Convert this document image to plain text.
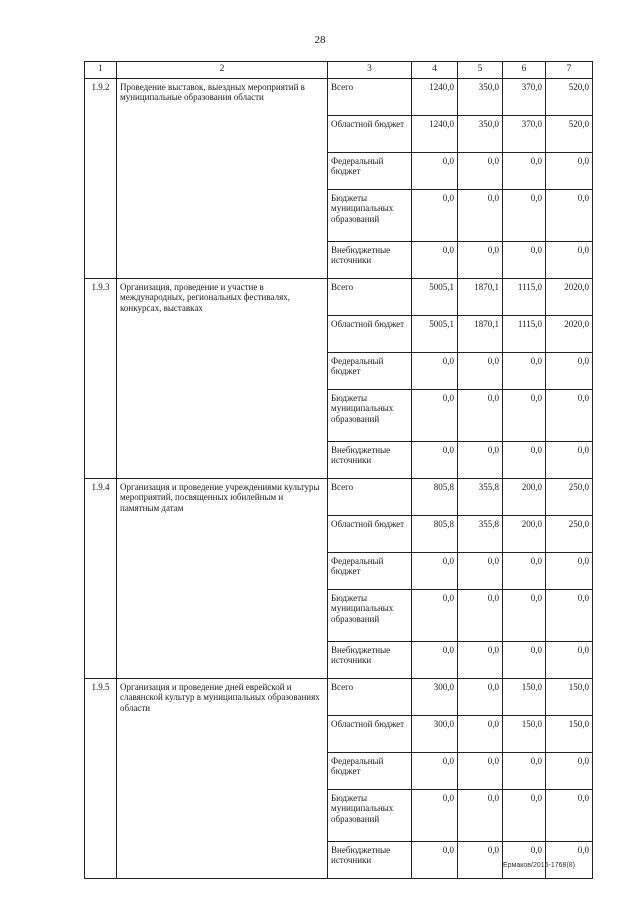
28
1	2	3	4	5	6	7
1.9.2	Проведение выставок, выездных мероприятий в муниципальные образования области	Всего	1240,0	350,0	370,0	520,0
		Областной бюджет	1240,0	350,0	370,0	520,0
		Федеральный бюджет	0,0	0,0	0,0	0,0
		Бюджеты муниципальных образований	0,0	0,0	0,0	0,0
		Внебюджетные источники	0,0	0,0	0,0	0,0
1.9.3	Организация, проведение и участие в международных, региональных фестивалях, конкурсах, выставках	Всего	5005,1	1870,1	1115,0	2020,0
		Областной бюджет	5005,1	1870,1	1115,0	2020,0
		Федеральный бюджет	0,0	0,0	0,0	0,0
		Бюджеты муниципальных образований	0,0	0,0	0,0	0,0
		Внебюджетные источники	0,0	0,0	0,0	0,0
1.9.4	Организация и проведение учреждениями культуры мероприятий, посвященных юбилейным и памятным датам	Всего	805,8	355,8	200,0	250,0
		Областной бюджет	805,8	355,8	200,0	250,0
		Федеральный бюджет	0,0	0,0	0,0	0,0
		Бюджеты муниципальных образований	0,0	0,0	0,0	0,0
		Внебюджетные источники	0,0	0,0	0,0	0,0
1.9.5	Организация и проведение дней еврейской и славянской культур в муниципальных образованиях области	Всего	300,0	0,0	150,0	150,0
		Областной бюджет	300,0	0,0	150,0	150,0
		Федеральный бюджет	0,0	0,0	0,0	0,0
		Бюджеты муниципальных образований	0,0	0,0	0,0	0,0
		Внебюджетные источники	0,0	0,0	0,0	0,0
Ермаков/2016-1768(8)
